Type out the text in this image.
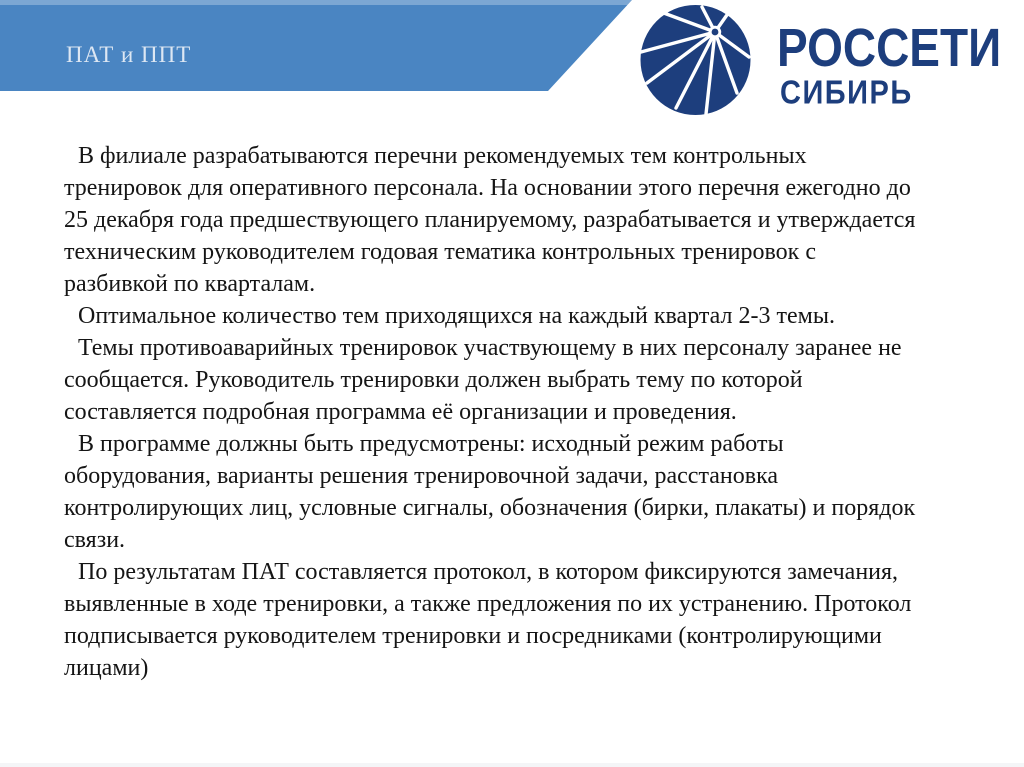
ПАТ и ППТ	РОССЕТИ
СИБИРЬ

В филиале разрабатываются перечни рекомендуемых тем контрольных тренировок для оперативного персонала. На основании этого перечня ежегодно до 25 декабря года предшествующего планируемому, разрабатывается и утверждается техническим руководителем годовая тематика контрольных тренировок с разбивкой по кварталам.

Оптимальное количество тем приходящихся на каждый квартал 2-3 темы.

Темы противоаварийных тренировок участвующему в них персоналу заранее не сообщается. Руководитель тренировки должен выбрать тему по которой составляется подробная программа её организации и проведения.

В программе должны быть предусмотрены: исходный режим работы оборудования, варианты решения тренировочной задачи, расстановка контролирующих лиц, условные сигналы, обозначения (бирки, плакаты) и порядок связи.

По результатам ПАТ составляется протокол, в котором фиксируются замечания, выявленные в ходе тренировки, а также предложения по их устранению. Протокол подписывается руководителем тренировки и посредниками (контролирующими лицами)
